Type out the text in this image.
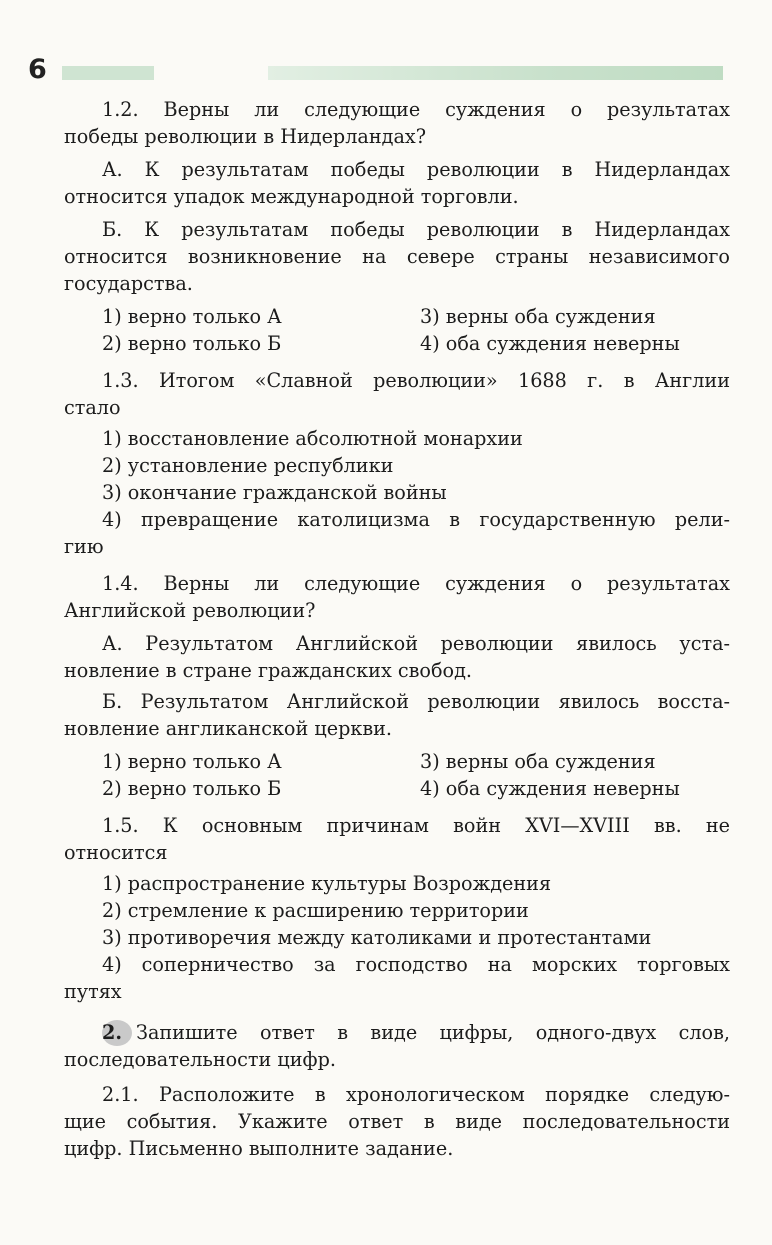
6

1.2. Верны ли следующие суждения о результатах

победы революции в Нидерландах?

А. К результатам победы революции в Нидерландах

относится упадок международной торговли.

Б. К результатам победы революции в Нидерландах

относится возникновение на севере страны независимого

государства.

1) верно только А	3) верны оба суждения
2) верно только Б	4) оба суждения неверны

1.3. Итогом «Славной революции» 1688 г. в Англии

стало

1) восстановление абсолютной монархии
2) установление республики
3) окончание гражданской войны

4) превращение католицизма в государственную рели-

гию

1.4. Верны ли следующие суждения о результатах

Английской революции?

А. Результатом Английской революции явилось уста-

новление в стране гражданских свобод.

Б. Результатом Английской революции явилось восста-

новление англиканской церкви.

1) верно только А	3) верны оба суждения
2) верно только Б	4) оба суждения неверны

1.5. К основным причинам войн XVI—XVIII вв. не

относится

1) распространение культуры Возрождения
2) стремление к расширению территории
3) противоречия между католиками и протестантами

4) соперничество за господство на морских торговых

путях

2. Запишите ответ в виде цифры, одного-двух слов,

последовательности цифр.

2.1. Расположите в хронологическом порядке следую-

щие события. Укажите ответ в виде последовательности

цифр. Письменно выполните задание.
